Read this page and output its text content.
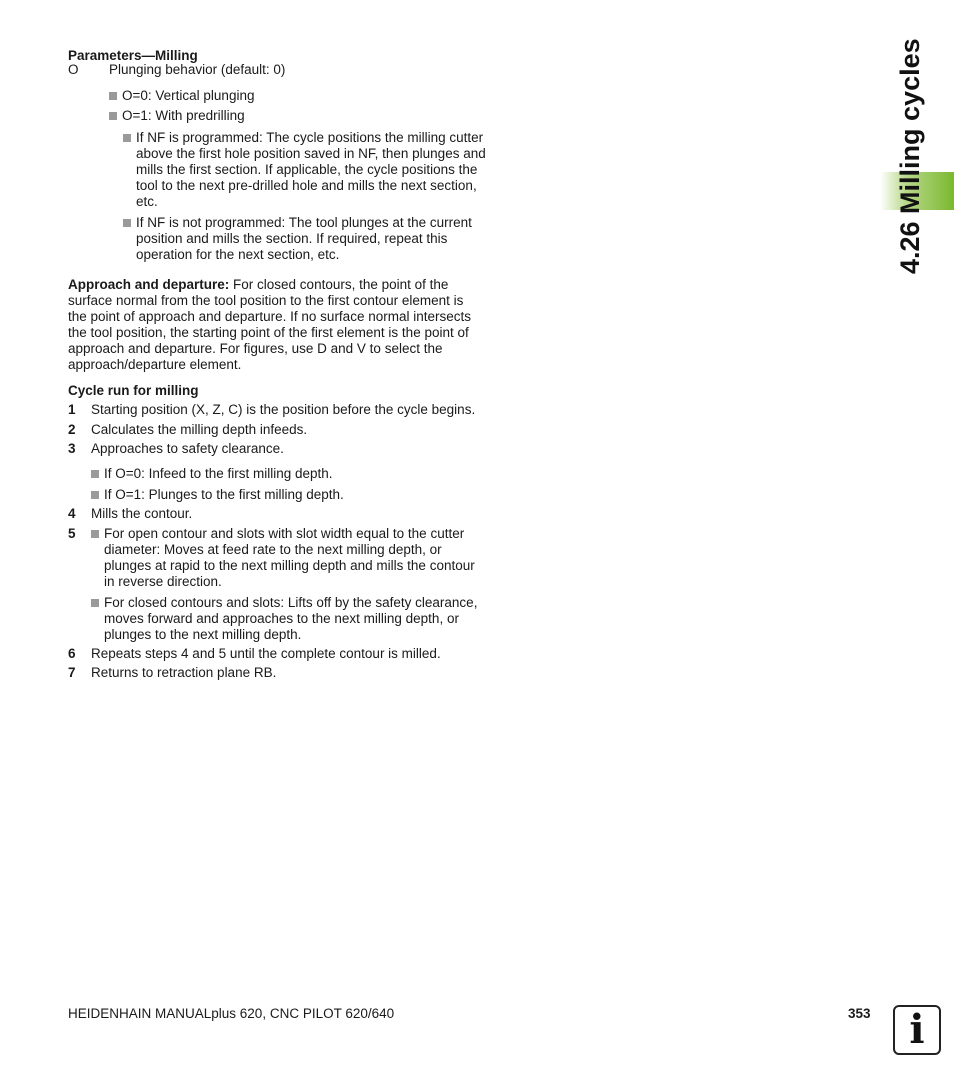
4.26 Milling cycles
Parameters—Milling
O Plunging behavior (default: 0)
O=0: Vertical plunging
O=1: With predrilling
If NF is programmed: The cycle positions the milling cutter
above the first hole position saved in NF, then plunges and
mills the first section. If applicable, the cycle positions the
tool to the next pre-drilled hole and mills the next section,
etc.
If NF is not programmed: The tool plunges at the current
position and mills the section. If required, repeat this
operation for the next section, etc.
Approach and departure: For closed contours, the point of the
surface normal from the tool position to the first contour element is
the point of approach and departure. If no surface normal intersects
the tool position, the starting point of the first element is the point of
approach and departure. For figures, use D and V to select the
approach/departure element.
Cycle run for milling
1 Starting position (X, Z, C) is the position before the cycle begins.
2 Calculates the milling depth infeeds.
3 Approaches to safety clearance.
If O=0: Infeed to the first milling depth.
If O=1: Plunges to the first milling depth.
4 Mills the contour.
5	For open contour and slots with slot width equal to the cutter
diameter: Moves at feed rate to the next milling depth, or
plunges at rapid to the next milling depth and mills the contour
in reverse direction.
For closed contours and slots: Lifts off by the safety clearance,
moves forward and approaches to the next milling depth, or
plunges to the next milling depth.
6 Repeats steps 4 and 5 until the complete contour is milled.
7 Returns to retraction plane RB.
HEIDENHAIN MANUALplus 620, CNC PILOT 620/640	353 i
